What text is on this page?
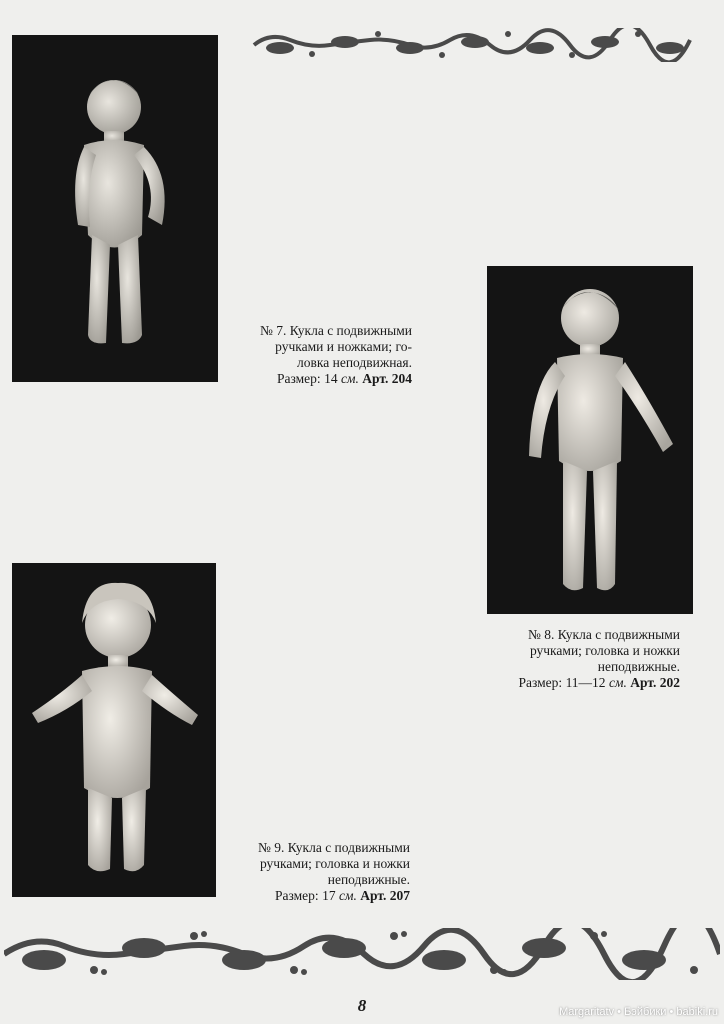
№ 7. Кукла с подвижными
ручками и ножками; го-
ловка неподвижная.
Размер: 14 см. Арт. 204
№ 8. Кукла с подвижными
ручками; головка и ножки
неподвижные.
Размер: 11—12 см. Арт. 202
№ 9. Кукла с подвижными
ручками; головка и ножки
неподвижные.
Размер: 17 см. Арт. 207
8	Margaritatv • Бэйбики • babiki.ru
